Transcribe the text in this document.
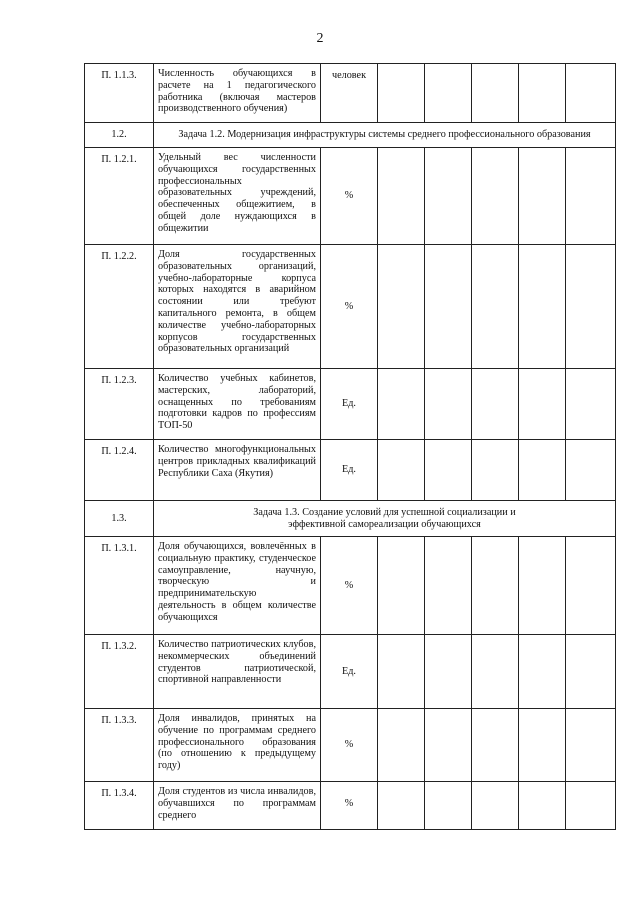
2
П. 1.1.3.	Численность обучающихся в расчете на 1 педагогического работника (включая мастеров производственного обучения)	человек					
1.2.	Задача 1.2. Модернизация инфраструктуры системы среднего профессионального образования						
П. 1.2.1.	Удельный вес численности обучающихся государственных профессиональных образовательных учреждений, обеспеченных общежитием, в общей доле нуждающихся в общежитии	%					
П. 1.2.2.	Доля государственных образовательных организаций, учебно-лабораторные корпуса которых находятся в аварийном состоянии или требуют капитального ремонта, в общем количестве учебно-лабораторных корпусов государственных образовательных организаций	%					
П. 1.2.3.	Количество учебных кабинетов, мастерских, лабораторий, оснащенных по требованиям подготовки кадров по профессиям ТОП-50	Ед.					
П. 1.2.4.	Количество многофункциональных центров прикладных квалификаций Республики Саха (Якутия)	Ед.					
1.3.	Задача 1.3. Создание условий для успешной социализации и эффективной самореализации обучающихся						
П. 1.3.1.	Доля обучающихся, вовлечённых в социальную практику, студенческое самоуправление, научную, творческую и предпринимательскую деятельность в общем количестве обучающихся	%					
П. 1.3.2.	Количество патриотических клубов, некоммерческих объединений студентов патриотической, спортивной направленности	Ед.					
П. 1.3.3.	Доля инвалидов, принятых на обучение по программам среднего профессионального образования (по отношению к предыдущему году)	%					
П. 1.3.4.	Доля студентов из числа инвалидов, обучавшихся по программам среднего	%					
